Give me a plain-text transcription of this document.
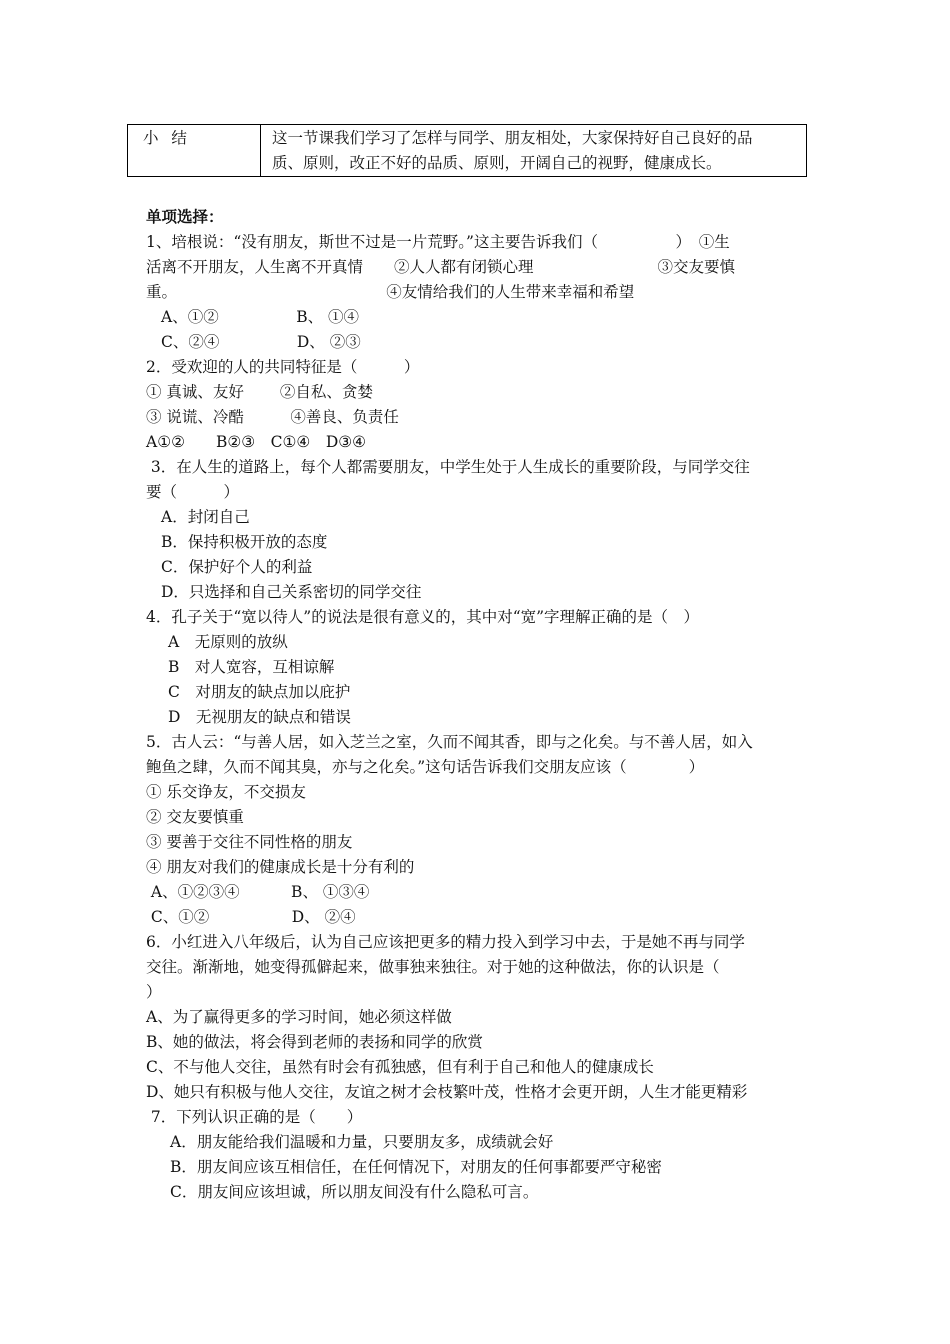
小 结	这一节课我们学习了怎样与同学、朋友相处，大家保持好自己良好的品
质、原则，改正不好的品质、原则，开阔自己的视野，健康成长。
单项选择：
1、培根说：“没有朋友，斯世不过是一片荒野。”这主要告诉我们（　　　　　）　①生
活离不开朋友，人生离不开真情　　②人人都有闭锁心理　　　　　　　　③交友要慎
重。　　　　　　　　　　　　　　④友情给我们的人生带来幸福和希望
A、①②　　　　　B、 ①④
C、②④　　　　　D、 ②③
2．受欢迎的人的共同特征是（　　　）
① 真诚、友好　　 ②自私、贪婪
③ 说谎、冷酷　　　④善良、负责任
A①②　　B②③　C①④　D③④
3．在人生的道路上，每个人都需要朋友，中学生处于人生成长的重要阶段，与同学交往
要（　　　）
A．封闭自己
B．保持积极开放的态度
C．保护好个人的利益
D．只选择和自己关系密切的同学交往
4．孔子关于“宽以待人”的说法是很有意义的，其中对“宽”字理解正确的是（　）
A　无原则的放纵
B　对人宽容，互相谅解
C　对朋友的缺点加以庇护
D　无视朋友的缺点和错误
5．古人云：“与善人居，如入芝兰之室，久而不闻其香，即与之化矣。与不善人居，如入
鲍鱼之肆，久而不闻其臭，亦与之化矣。”这句话告诉我们交朋友应该（　　　　）
① 乐交诤友，不交损友
② 交友要慎重
③ 要善于交往不同性格的朋友
④ 朋友对我们的健康成长是十分有利的
A、①②③④　　　 B、 ①③④
C、①②　　　　　 D、 ②④
6．小红进入八年级后，认为自己应该把更多的精力投入到学习中去，于是她不再与同学
交往。渐渐地，她变得孤僻起来，做事独来独往。对于她的这种做法，你的认识是（
）
A、为了赢得更多的学习时间，她必须这样做
B、她的做法，将会得到老师的表扬和同学的欣赏
C、不与他人交往，虽然有时会有孤独感，但有利于自己和他人的健康成长
D、她只有积极与他人交往，友谊之树才会枝繁叶茂，性格才会更开朗，人生才能更精彩
7．下列认识正确的是（　　）
A．朋友能给我们温暖和力量，只要朋友多，成绩就会好
B．朋友间应该互相信任，在任何情况下，对朋友的任何事都要严守秘密
C．朋友间应该坦诚，所以朋友间没有什么隐私可言。
